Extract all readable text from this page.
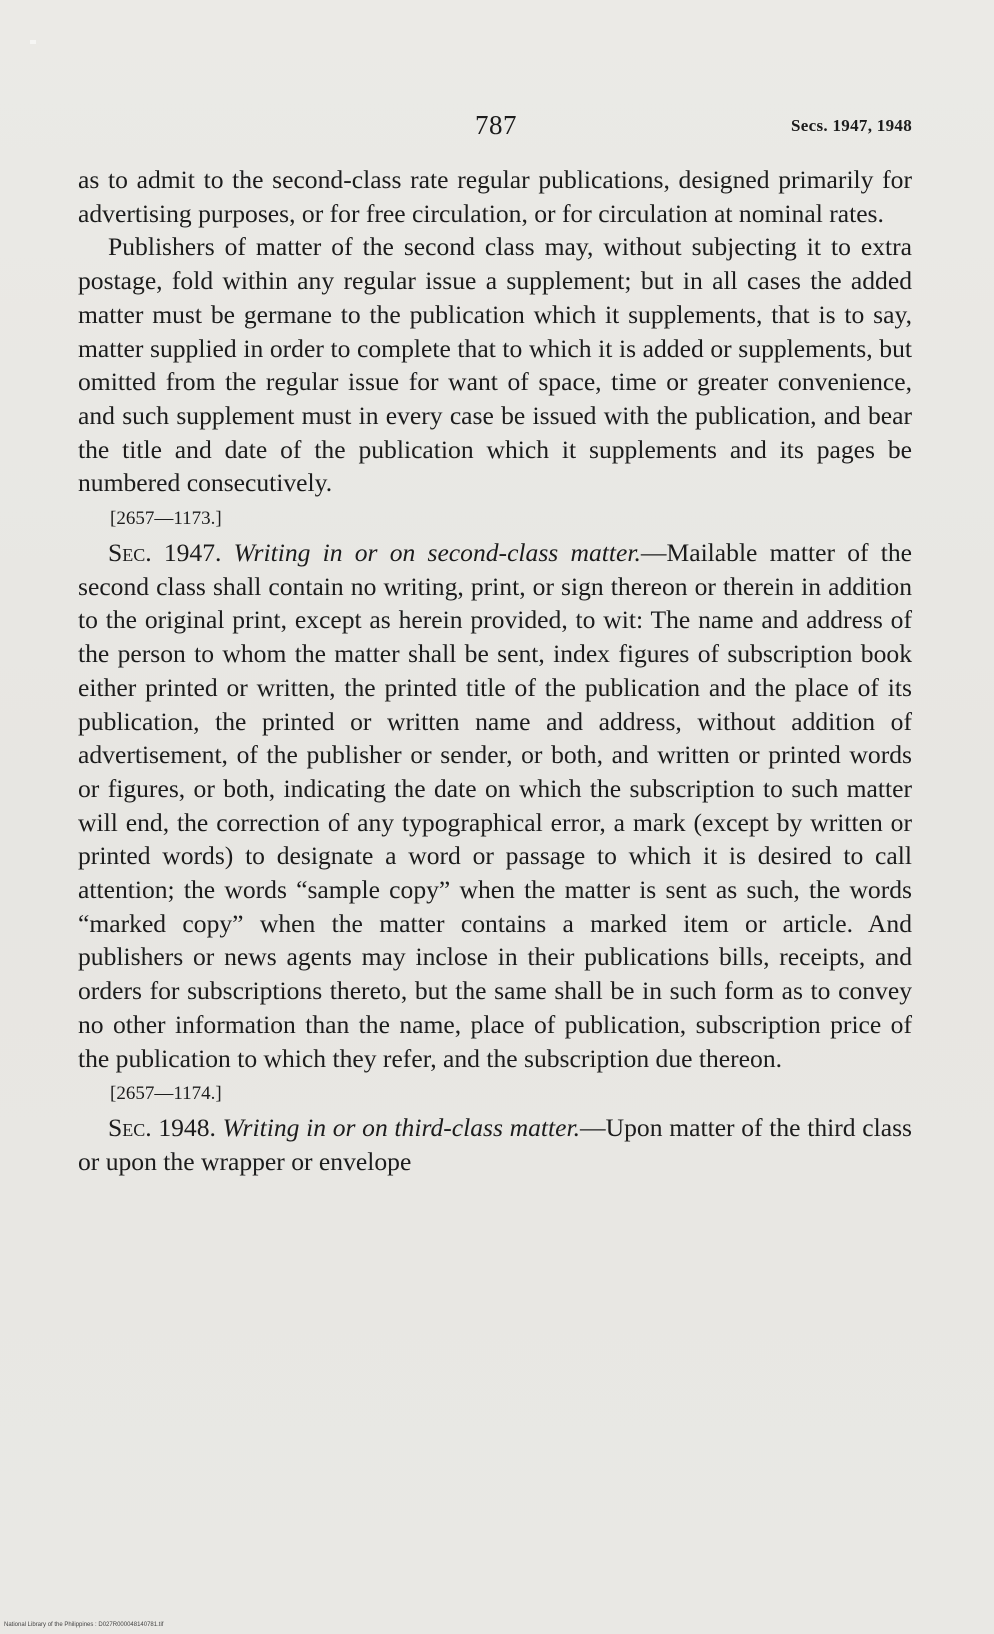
787	Secs. 1947, 1948

as to admit to the second-class rate regular publications, designed primarily for advertising purposes, or for free circulation, or for circulation at nominal rates.

Publishers of matter of the second class may, without subjecting it to extra postage, fold within any regular issue a supplement; but in all cases the added matter must be germane to the publication which it supplements, that is to say, matter supplied in order to complete that to which it is added or supplements, but omitted from the regular issue for want of space, time or greater convenience, and such supplement must in every case be issued with the publication, and bear the title and date of the publication which it supplements and its pages be numbered consecutively.

[2657—1173.]

Sec. 1947. Writing in or on second-class matter.—Mailable matter of the second class shall contain no writing, print, or sign thereon or therein in addition to the original print, except as herein provided, to wit: The name and address of the person to whom the matter shall be sent, index figures of subscription book either printed or written, the printed title of the publication and the place of its publication, the printed or written name and address, without addition of advertisement, of the publisher or sender, or both, and written or printed words or figures, or both, indicating the date on which the subscription to such matter will end, the correction of any typographical error, a mark (except by written or printed words) to designate a word or passage to which it is desired to call attention; the words “sample copy” when the matter is sent as such, the words “marked copy” when the matter contains a marked item or article. And publishers or news agents may inclose in their publications bills, receipts, and orders for subscriptions thereto, but the same shall be in such form as to convey no other information than the name, place of publication, subscription price of the publication to which they refer, and the subscription due thereon.

[2657—1174.]

Sec. 1948. Writing in or on third-class matter.—Upon matter of the third class or upon the wrapper or envelope

National Library of the Philippines : D027R000048140781.tif
